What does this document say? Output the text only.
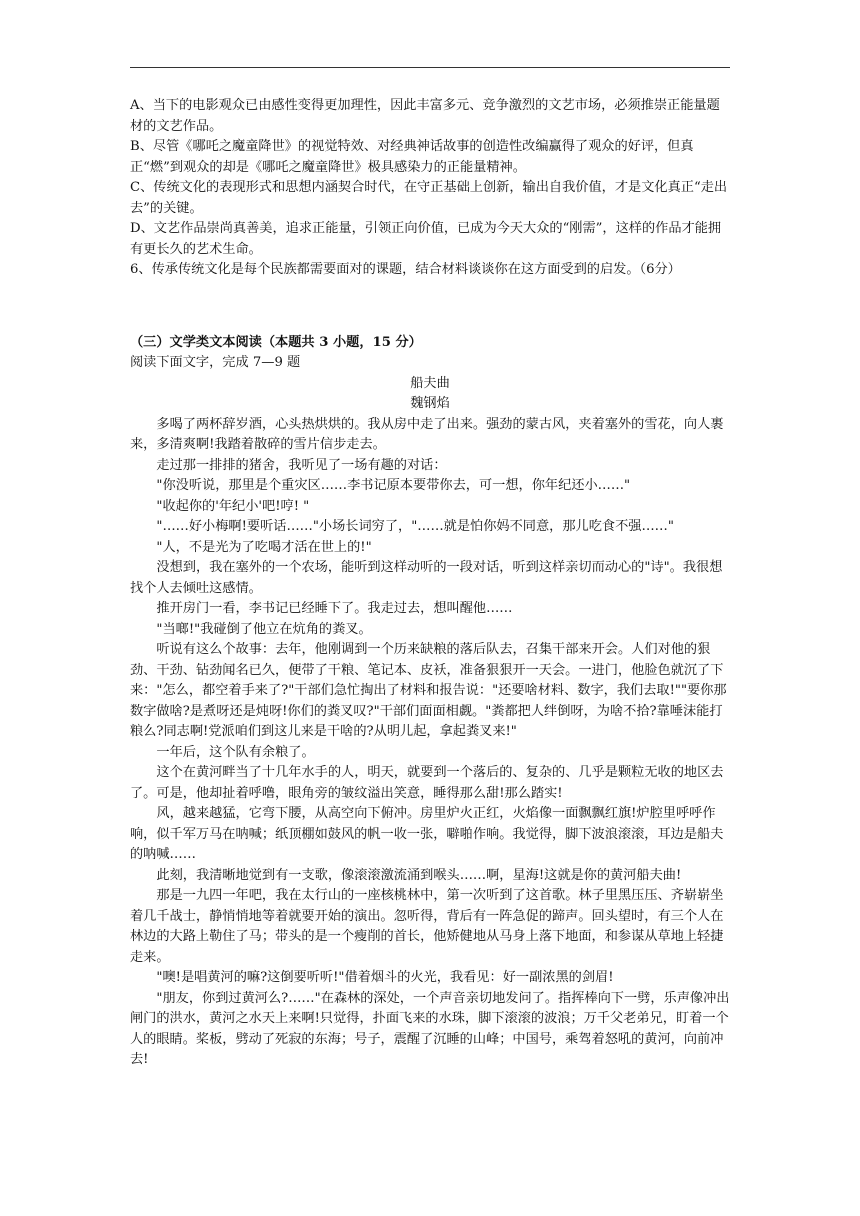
A、当下的电影观众已由感性变得更加理性，因此丰富多元、竞争激烈的文艺市场，必须推崇正能量题材的文艺作品。

B、尽管《哪吒之魔童降世》的视觉特效、对经典神话故事的创造性改编赢得了观众的好评，但真正“燃”到观众的却是《哪吒之魔童降世》极具感染力的正能量精神。

C、传统文化的表现形式和思想内涵契合时代，在守正基础上创新，输出自我价值，才是文化真正“走出去”的关键。

D、文艺作品崇尚真善美，追求正能量，引领正向价值，已成为今天大众的“刚需”，这样的作品才能拥有更长久的艺术生命。

6、传承传统文化是每个民族都需要面对的课题，结合材料谈谈你在这方面受到的启发。（6分）

（三）文学类文本阅读（本题共 3 小题，15 分）

阅读下面文字，完成 7—9 题

船夫曲

魏钢焰

多喝了两杯辞岁酒，心头热烘烘的。我从房中走了出来。强劲的蒙古风，夹着塞外的雪花，向人裹来，多清爽啊!我踏着散碎的雪片信步走去。

走过那一排排的猪舍，我听见了一场有趣的对话：

"你没听说，那里是个重灾区……李书记原本要带你去，可一想，你年纪还小……"

"收起你的'年纪小'吧!哼! "

"……好小梅啊!要听话……"小场长词穷了，"……就是怕你妈不同意，那儿吃食不强……"

"人，不是光为了吃喝才活在世上的!"

没想到，我在塞外的一个农场，能听到这样动听的一段对话，听到这样亲切而动心的"诗"。我很想找个人去倾吐这感情。

推开房门一看，李书记已经睡下了。我走过去，想叫醒他……

"当啷!"我碰倒了他立在炕角的粪叉。

听说有这么个故事：去年，他刚调到一个历来缺粮的落后队去，召集干部来开会。人们对他的狠劲、干劲、钻劲闻名已久，便带了干粮、笔记本、皮袄，准备狠狠开一天会。一进门，他脸色就沉了下来："怎么，都空着手来了?"干部们急忙掏出了材料和报告说："还要啥材料、数字，我们去取!""要你那数字做啥?是煮呀还是炖呀!你们的粪叉叹?"干部们面面相觑。"粪都把人绊倒呀，为啥不拾?靠唾沫能打粮么?同志啊!党派咱们到这儿来是干啥的?从明儿起，拿起粪叉来!"

一年后，这个队有余粮了。

这个在黄河畔当了十几年水手的人，明天，就要到一个落后的、复杂的、几乎是颗粒无收的地区去了。可是，他却扯着呼噜，眼角旁的皱纹溢出笑意，睡得那么甜!那么踏实!

风，越来越猛，它弯下腰，从高空向下俯冲。房里炉火正红，火焰像一面飘飘红旗!炉腔里呼呼作响，似千军万马在呐喊；纸顶棚如鼓风的帆一收一张，噼啪作响。我觉得，脚下波浪滚滚，耳边是船夫的呐喊……

此刻，我清晰地觉到有一支歌，像滚滚激流涌到喉头……啊，星海!这就是你的黄河船夫曲!

那是一九四一年吧，我在太行山的一座核桃林中，第一次听到了这首歌。林子里黑压压、齐崭崭坐着几千战士，静悄悄地等着就要开始的演出。忽听得，背后有一阵急促的蹄声。回头望时，有三个人在林边的大路上勒住了马；带头的是一个瘦削的首长，他矫健地从马身上落下地面，和参谋从草地上轻捷走来。

"噢!是唱黄河的嘛?这倒要听听!"借着烟斗的火光，我看见：好一副浓黑的剑眉!

"朋友，你到过黄河么?……"在森林的深处，一个声音亲切地发问了。指挥棒向下一劈，乐声像冲出闸门的洪水，黄河之水天上来啊!只觉得，扑面飞来的水珠，脚下滚滚的波浪；万千父老弟兄，盯着一个人的眼睛。桨板，劈动了死寂的东海；号子，震醒了沉睡的山峰；中国号，乘驾着怒吼的黄河，向前冲去!
